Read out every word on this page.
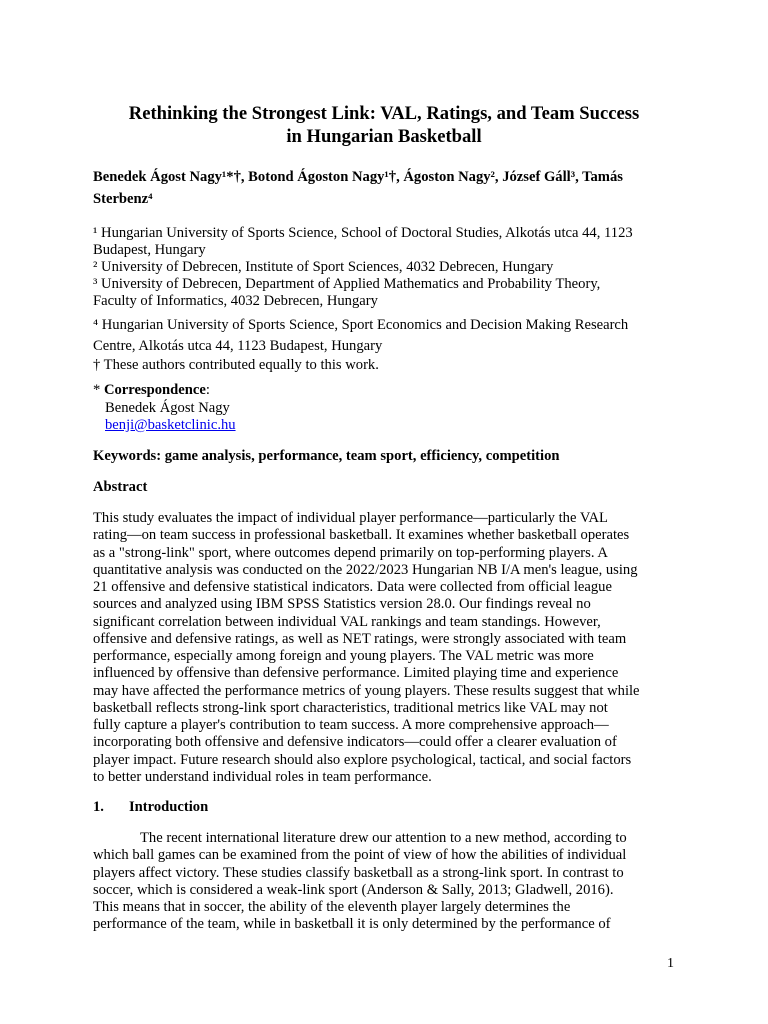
Rethinking the Strongest Link: VAL, Ratings, and Team Success
in Hungarian Basketball

Benedek Ágost Nagy¹*†, Botond Ágoston Nagy¹†, Ágoston Nagy², József Gáll³, Tamás
Sterbenz⁴

¹ Hungarian University of Sports Science, School of Doctoral Studies, Alkotás utca 44, 1123
Budapest, Hungary

² University of Debrecen, Institute of Sport Sciences, 4032 Debrecen, Hungary

³ University of Debrecen, Department of Applied Mathematics and Probability Theory,
Faculty of Informatics, 4032 Debrecen, Hungary

⁴ Hungarian University of Sports Science, Sport Economics and Decision Making Research
Centre, Alkotás utca 44, 1123 Budapest, Hungary

† These authors contributed equally to this work.

* Correspondence:
Benedek Ágost Nagy
benji@basketclinic.hu

Keywords: game analysis, performance, team sport, efficiency, competition

Abstract

This study evaluates the impact of individual player performance—particularly the VAL
rating—on team success in professional basketball. It examines whether basketball operates
as a "strong-link" sport, where outcomes depend primarily on top-performing players. A
quantitative analysis was conducted on the 2022/2023 Hungarian NB I/A men's league, using
21 offensive and defensive statistical indicators. Data were collected from official league
sources and analyzed using IBM SPSS Statistics version 28.0. Our findings reveal no
significant correlation between individual VAL rankings and team standings. However,
offensive and defensive ratings, as well as NET ratings, were strongly associated with team
performance, especially among foreign and young players. The VAL metric was more
influenced by offensive than defensive performance. Limited playing time and experience
may have affected the performance metrics of young players. These results suggest that while
basketball reflects strong-link sport characteristics, traditional metrics like VAL may not
fully capture a player's contribution to team success. A more comprehensive approach—
incorporating both offensive and defensive indicators—could offer a clearer evaluation of
player impact. Future research should also explore psychological, tactical, and social factors
to better understand individual roles in team performance.

1. Introduction

The recent international literature drew our attention to a new method, according to
which ball games can be examined from the point of view of how the abilities of individual
players affect victory. These studies classify basketball as a strong-link sport. In contrast to
soccer, which is considered a weak-link sport (Anderson & Sally, 2013; Gladwell, 2016).
This means that in soccer, the ability of the eleventh player largely determines the
performance of the team, while in basketball it is only determined by the performance of

1
